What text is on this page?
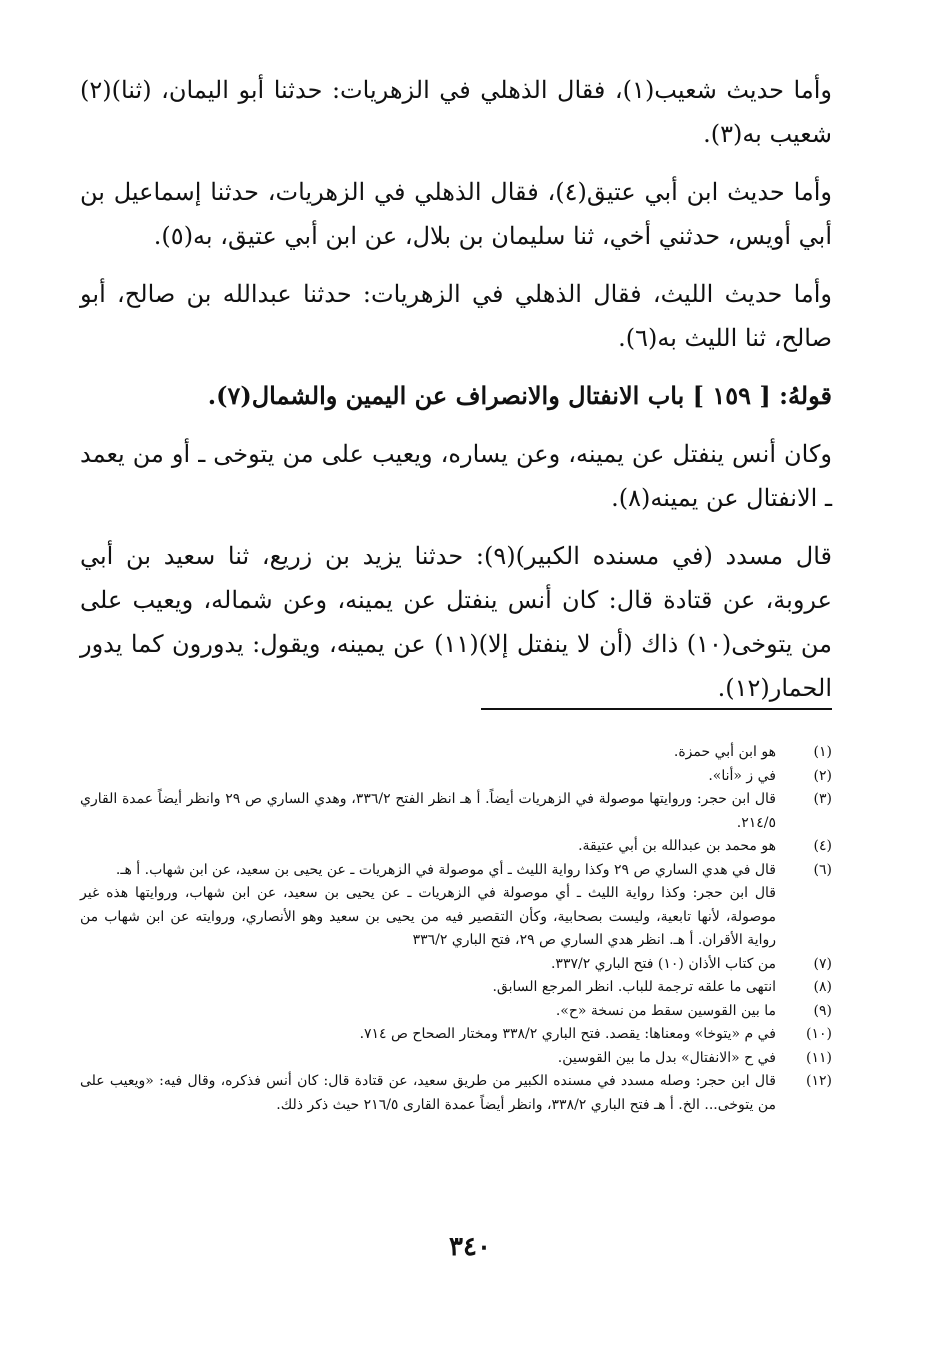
وأما حديث شعيب(١)، فقال الذهلي في الزهريات: حدثنا أبو اليمان، (ثنا)(٢) شعيب به(٣).

وأما حديث ابن أبي عتيق(٤)، فقال الذهلي في الزهريات، حدثنا إسماعيل بن أبي أويس، حدثني أخي، ثنا سليمان بن بلال، عن ابن أبي عتيق، به(٥).

وأما حديث الليث، فقال الذهلي في الزهريات: حدثنا عبدالله بن صالح، أبو صالح، ثنا الليث به(٦).

قولهُ: [ ١٥٩ ] باب الانفتال والانصراف عن اليمين والشمال(٧).

وكان أنس ينفتل عن يمينه، وعن يساره، ويعيب على من يتوخى ـ أو من يعمد ـ الانفتال عن يمينه(٨).

قال مسدد (في مسنده الكبير)(٩): حدثنا يزيد بن زريع، ثنا سعيد بن أبي عروبة، عن قتادة قال: كان أنس ينفتل عن يمينه، وعن شماله، ويعيب على من يتوخى(١٠) ذاك (أن لا ينفتل إلا)(١١) عن يمينه، ويقول: يدورون كما يدور الحمار(١٢).

(١)
هو ابن أبي حمزة.
(٢)
في ز «أنا».
(٣)
قال ابن حجر: وروايتها موصولة في الزهريات أيضاً. أ هـ انظر الفتح ٣٣٦/٢، وهدي الساري ص ٢٩ وانظر أيضاً عمدة القاري ٢١٤/٥.
(٤)
هو محمد بن عبدالله بن أبي عتيقة.
(٦)
قال في هدي الساري ص ٢٩ وكذا رواية الليث ـ أي موصولة في الزهريات ـ عن يحيى بن سعيد، عن ابن شهاب. أ هـ.
قال ابن حجر: وكذا رواية الليث ـ أي موصولة في الزهريات ـ عن يحيى بن سعيد، عن ابن شهاب، وروايتها هذه غير موصولة، لأنها تابعية، وليست بصحابية، وكأن التقصير فيه من يحيى بن سعيد وهو الأنصاري، وروايته عن ابن شهاب من رواية الأقران. أ هـ. انظر هدي الساري ص ٢٩، فتح الباري ٣٣٦/٢
(٧)
من كتاب الأذان (١٠) فتح الباري ٣٣٧/٢.
(٨)
انتهى ما علقه ترجمة للباب. انظر المرجع السابق.
(٩)
ما بين القوسين سقط من نسخة «ح».
(١٠)
في م «يتوخا» ومعناها: يقصد. فتح الباري ٣٣٨/٢ ومختار الصحاح ص ٧١٤.
(١١)
في ح «الانفتال» بدل ما بين القوسين.
(١٢)
قال ابن حجر: وصله مسدد في مسنده الكبير من طريق سعيد، عن قتادة قال: كان أنس فذكره، وقال فيه: «ويعيب على من يتوخى... الخ. أ هـ فتح الباري ٣٣٨/٢، وانظر أيضاً عمدة القارى ٢١٦/٥ حيث ذكر ذلك.
٣٤٠
